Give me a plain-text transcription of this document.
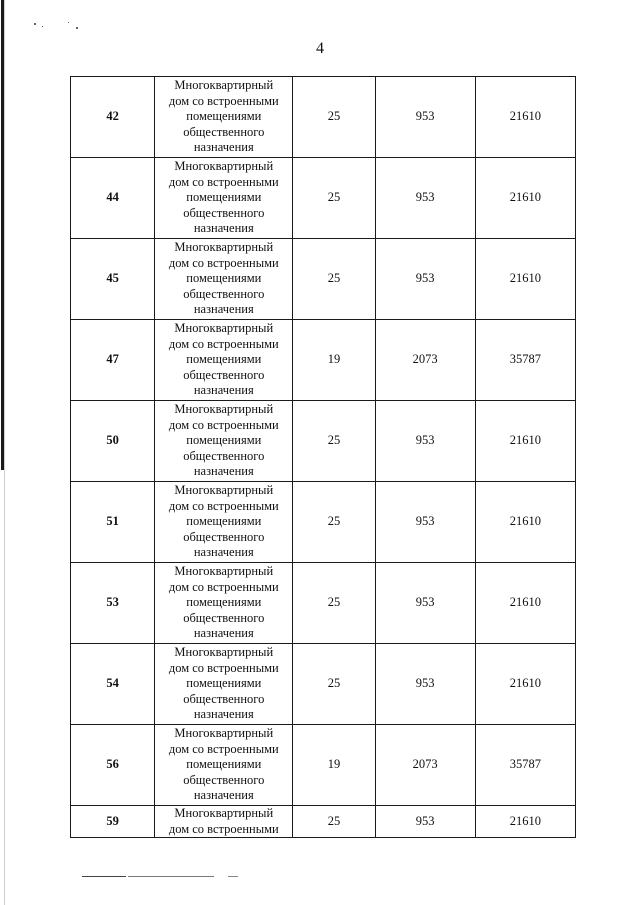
4
42	Многоквартирный
дом со встроенными
помещениями
общественного
назначения	25	953	21610
44	Многоквартирный
дом со встроенными
помещениями
общественного
назначения	25	953	21610
45	Многоквартирный
дом со встроенными
помещениями
общественного
назначения	25	953	21610
47	Многоквартирный
дом со встроенными
помещениями
общественного
назначения	19	2073	35787
50	Многоквартирный
дом со встроенными
помещениями
общественного
назначения	25	953	21610
51	Многоквартирный
дом со встроенными
помещениями
общественного
назначения	25	953	21610
53	Многоквартирный
дом со встроенными
помещениями
общественного
назначения	25	953	21610
54	Многоквартирный
дом со встроенными
помещениями
общественного
назначения	25	953	21610
56	Многоквартирный
дом со встроенными
помещениями
общественного
назначения	19	2073	35787
59	Многоквартирный
дом со встроенными	25	953	21610
